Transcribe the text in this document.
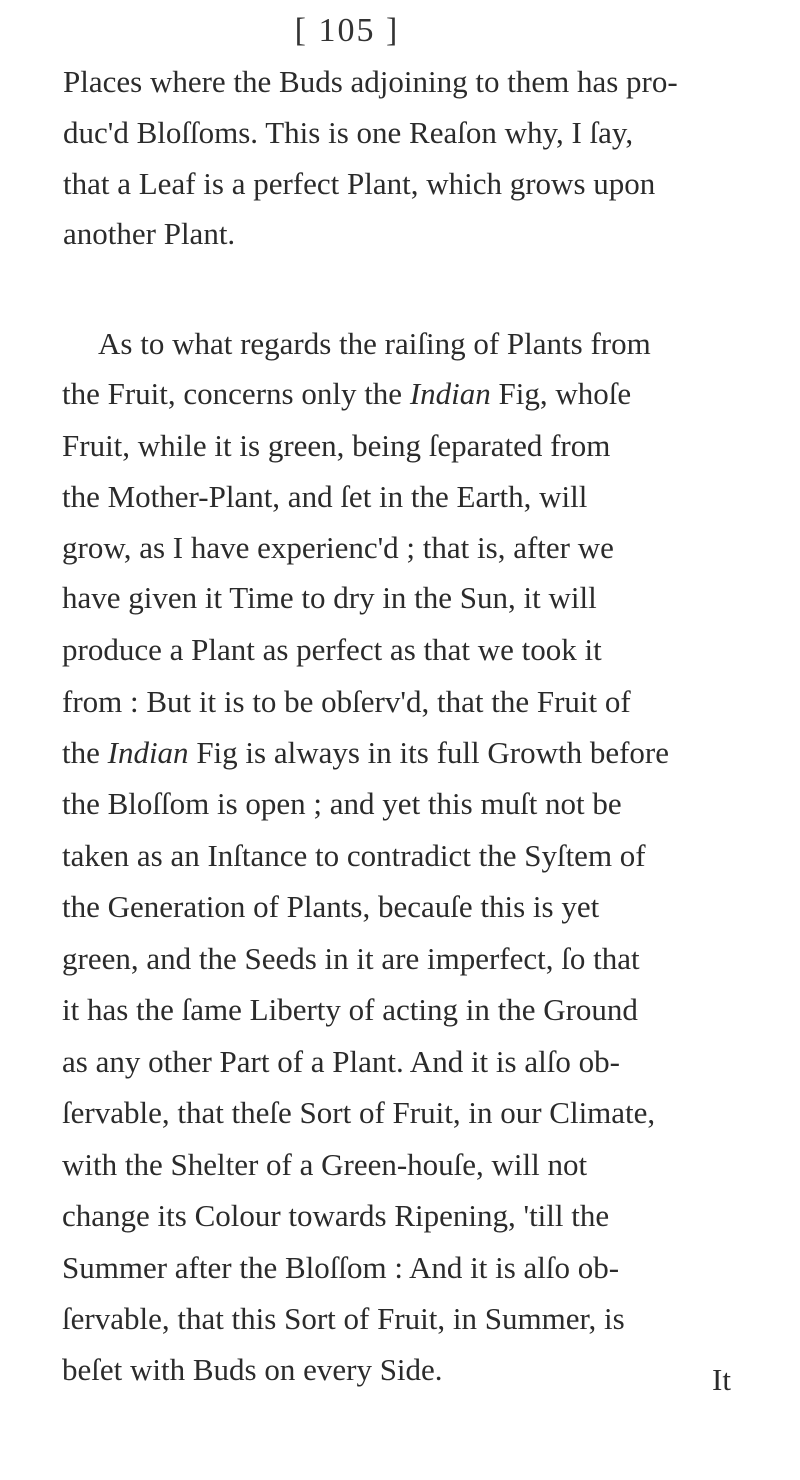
[ 105 ]
Places where the Buds adjoining to them has pro-
duc'd Bloſſoms. This is one Reaſon why, I ſay,
that a Leaf is a perfect Plant, which grows upon
another Plant.
As to what regards the raiſing of Plants from
the Fruit, concerns only the Indian Fig, whoſe
Fruit, while it is green, being ſeparated from
the Mother-Plant, and ſet in the Earth, will
grow, as I have experienc'd ; that is, after we
have given it Time to dry in the Sun, it will
produce a Plant as perfect as that we took it
from : But it is to be obſerv'd, that the Fruit of
the Indian Fig is always in its full Growth before
the Bloſſom is open ; and yet this muſt not be
taken as an Inſtance to contradict the Syſtem of
the Generation of Plants, becauſe this is yet
green, and the Seeds in it are imperfect, ſo that
it has the ſame Liberty of acting in the Ground
as any other Part of a Plant. And it is alſo ob-
ſervable, that theſe Sort of Fruit, in our Climate,
with the Shelter of a Green-houſe, will not
change its Colour towards Ripening, 'till the
Summer after the Bloſſom : And it is alſo ob-
ſervable, that this Sort of Fruit, in Summer, is
beſet with Buds on every Side.	It
